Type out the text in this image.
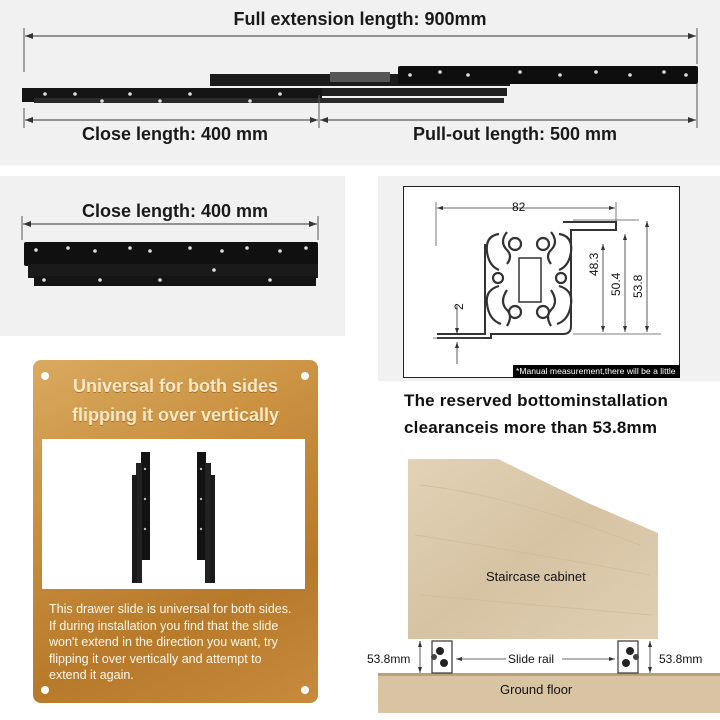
Full extension length: 900mm
Close length: 400 mm	Pull-out length: 500 mm
Close length: 400 mm	82
48.3
50.4 53.8
2
*Manual measurement,there will be a little
The reserved bottominstallation
clearanceis more than 53.8mm
Universal for both sides
flipping it over vertically
This drawer slide is universal for both sides.
If during installation you find that the slide
won't extend in the direction you want, try
flipping it over vertically and attempt to
extend it again.
Staircase cabinet
53.8mm	53.8mm
Slide rail
Ground floor
